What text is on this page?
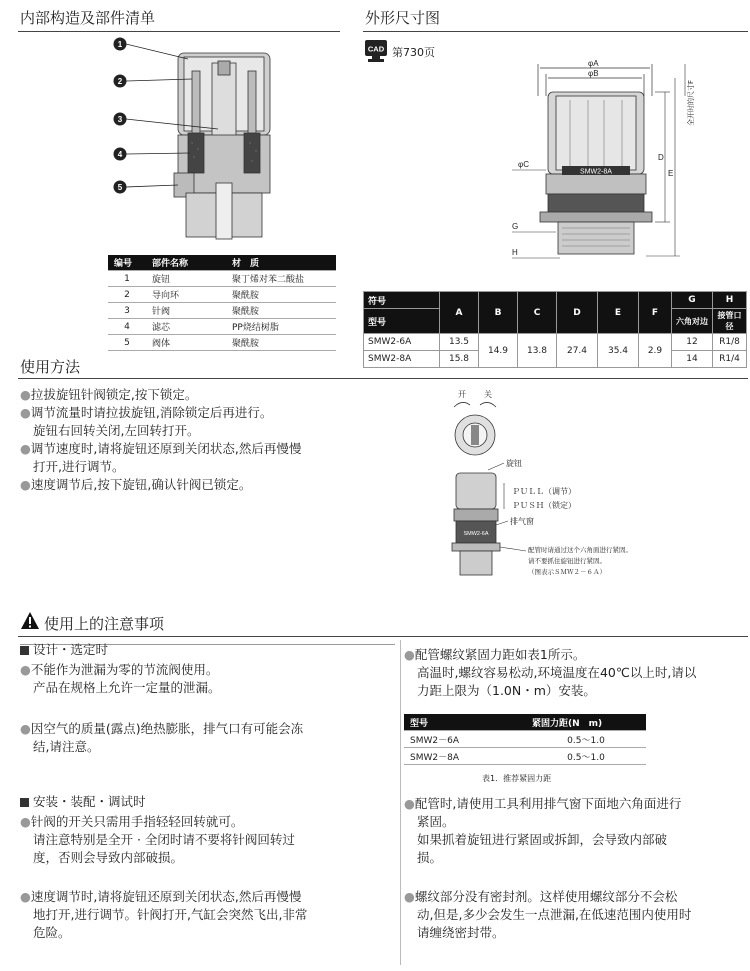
内部构造及部件清单	外形尺寸图
CAD 第730页
1
2
3
4
5
编号	部件名称	材　质
1	旋钮	聚丁烯对苯二酸盐
2	导向环	聚酰胺
3	针阀	聚酰胺
4	滤芯	PP烧结树脂
5	阀体	聚酰胺
SMW2-8A
φA
φB
φC
D
E
G
H
全开时的尺寸F
符号	A	B	C	D	E	F	G	H
型号							六角对边	接管口径
SMW2-6A	13.5	14.9	13.8	27.4	35.4	2.9	12	R1/8
SMW2-8A	15.8						14	R1/4
使用方法

●拉拔旋钮针阀锁定,按下锁定。

●调节流量时请拉拔旋钮,消除锁定后再进行。

旋钮右回转关闭,左回转打开。

●调节速度时,请将旋钮还原到关闭状态,然后再慢慢

打开,进行调节。

●速度调节后,按下旋钮,确认针阀已锁定。

开 关
SMW2-6A
旋钮
ＰＵＬＬ（调节）
ＰＵＳＨ（锁定）
排气窗
配管时请通过这个六角面进行紧固。
请不要抓住旋钮进行紧固。
（图表示ＳＭＷ２－６Ａ）
使用上的注意事项
设计・选定时

●不能作为泄漏为零的节流阀使用。

产品在规格上允许一定量的泄漏。

●因空气的质量(露点)绝热膨胀，排气口有可能会冻

结,请注意。

安装・装配・调试时

●针阀的开关只需用手指轻轻回转就可。

请注意特别是全开 · 全闭时请不要将针阀回转过

度，否则会导致内部破损。

●速度调节时,请将旋钮还原到关闭状态,然后再慢慢

地打开,进行调节。针阀打开,气缸会突然飞出,非常

危险。

●配管螺纹紧固力距如表1所示。

高温时,螺纹容易松动,环境温度在40℃以上时,请以

力距上限为（1.0N・m）安装。

型号	紧固力距(N　m)
SMW2－6A	0.5～1.0
SMW2－8A	0.5～1.0
表1．推荐紧固力距

●配管时,请使用工具利用排气窗下面地六角面进行

紧固。

如果抓着旋钮进行紧固或拆卸，会导致内部破

损。

●螺纹部分没有密封剂。这样使用螺纹部分不会松

动,但是,多少会发生一点泄漏,在低速范围内使用时

请缠绕密封带。
